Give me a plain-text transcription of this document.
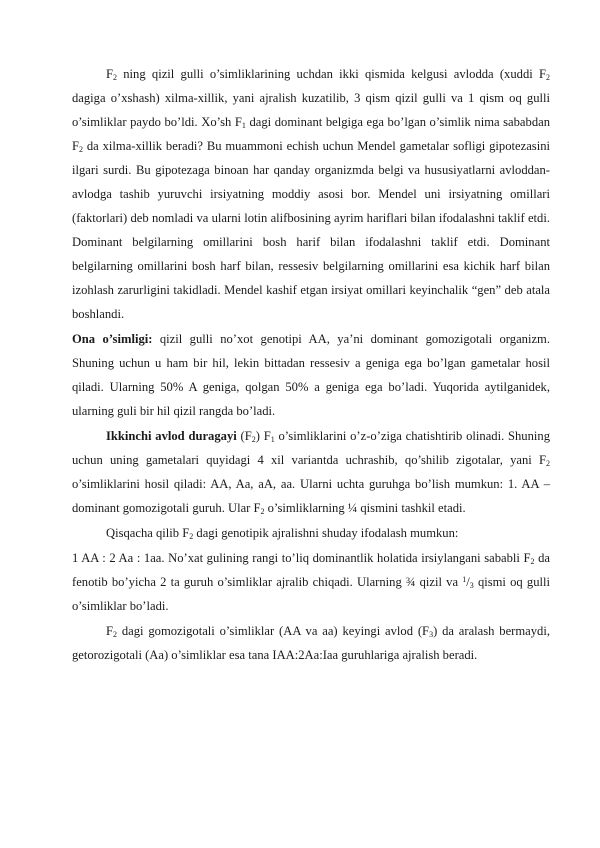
$F_2$ ning qizil gulli o’simliklarining uchdan ikki qismida kelgusi avlodda (xuddi $F_2$ dagiga o’xshash) xilma-xillik, yani ajralish kuzatilib, 3 qism qizil gulli va 1 qism oq gulli o’simliklar paydo bo’ldi. Xo’sh $F_1$ dagi dominant belgiga ega bo’lgan o’simlik nima sababdan $F_2$ da xilma-xillik beradi? Bu muammoni echish uchun Mendel gametalar sofligi gipotezasini ilgari surdi. Bu gipotezaga binoan har qanday organizmda belgi va hususiyatlarni avloddan-avlodga tashib yuruvchi irsiyatning moddiy asosi bor. Mendel uni irsiyatning omillari (faktorlari) deb nomladi va ularni lotin alifbosining ayrim hariflari bilan ifodalashni taklif etdi. Dominant belgilarning omillarini bosh harif bilan ifodalashni taklif etdi. Dominant belgilarning omillarini bosh harf bilan, ressesiv belgilarning omillarini esa kichik harf bilan izohlash zarurligini takidladi. Mendel kashif etgan irsiyat omillari keyinchalik “gen” deb atala boshlandi.

Ona o’simligi: qizil gulli no’xot genotipi AA, ya’ni dominant gomozigotali organizm. Shuning uchun u ham bir hil, lekin bittadan ressesiv a geniga ega bo’lgan gametalar hosil qiladi. Ularning 50% A geniga, qolgan 50% a geniga ega bo’ladi. Yuqorida aytilganidek, ularning guli bir hil qizil rangda bo’ladi.

Ikkinchi avlod duragayi $(F_2)$ $F_1$ o’simliklarini o’z-o’ziga chatishtirib olinadi. Shuning uchun uning gametalari quyidagi 4 xil variantda uchrashib, qo’shilib zigotalar, yani $F_2$ o’simliklarini hosil qiladi: AA, Aa, aA, aa. Ularni uchta guruhga bo’lish mumkun: 1. AA – dominant gomozigotali guruh. Ular $F_2$ o’simliklarning ¼ qismini tashkil etadi.

Qisqacha qilib $F_2$ dagi genotipik ajralishni shuday ifodalash mumkun:

1 AA : 2 Aa : 1aa. No’xat gulining rangi to’liq dominantlik holatida irsiylangani sababli $F_2$ da fenotib bo’yicha 2 ta guruh o’simliklar ajralib chiqadi. Ularning ¾ qizil va $^1/_3$ qismi oq gulli o’simliklar bo’ladi.

$F_2$ dagi gomozigotali o’simliklar (AA va aa) keyingi avlod $(F_3)$ da aralash bermaydi, getorozigotali (Aa) o’simliklar esa tana IAA:2Aa:Iaa guruhlariga ajralish beradi.
